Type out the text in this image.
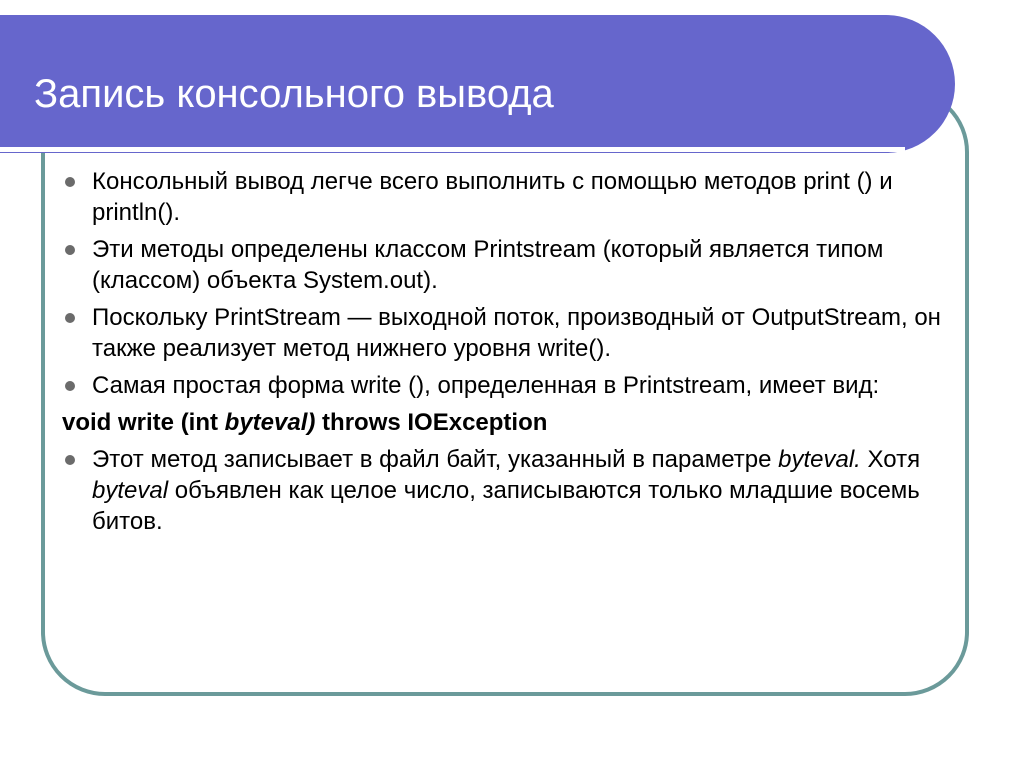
Запись консольного вывода
Консольный вывод легче всего выполнить с помощью методов print () и println().
Эти методы определены классом Printstream (который является типом (классом) объекта System.out).
Поскольку PrintStream — выходной поток, производный от OutputStream, он также реализует метод нижнего уровня write().
Самая простая форма write (), определенная в Printstream, имеет вид:
void write (int byteval) throws IOException
Этот метод записывает в файл байт, указанный в параметре byteval. Хотя byteval объявлен как целое число, записываются только младшие восемь битов.
